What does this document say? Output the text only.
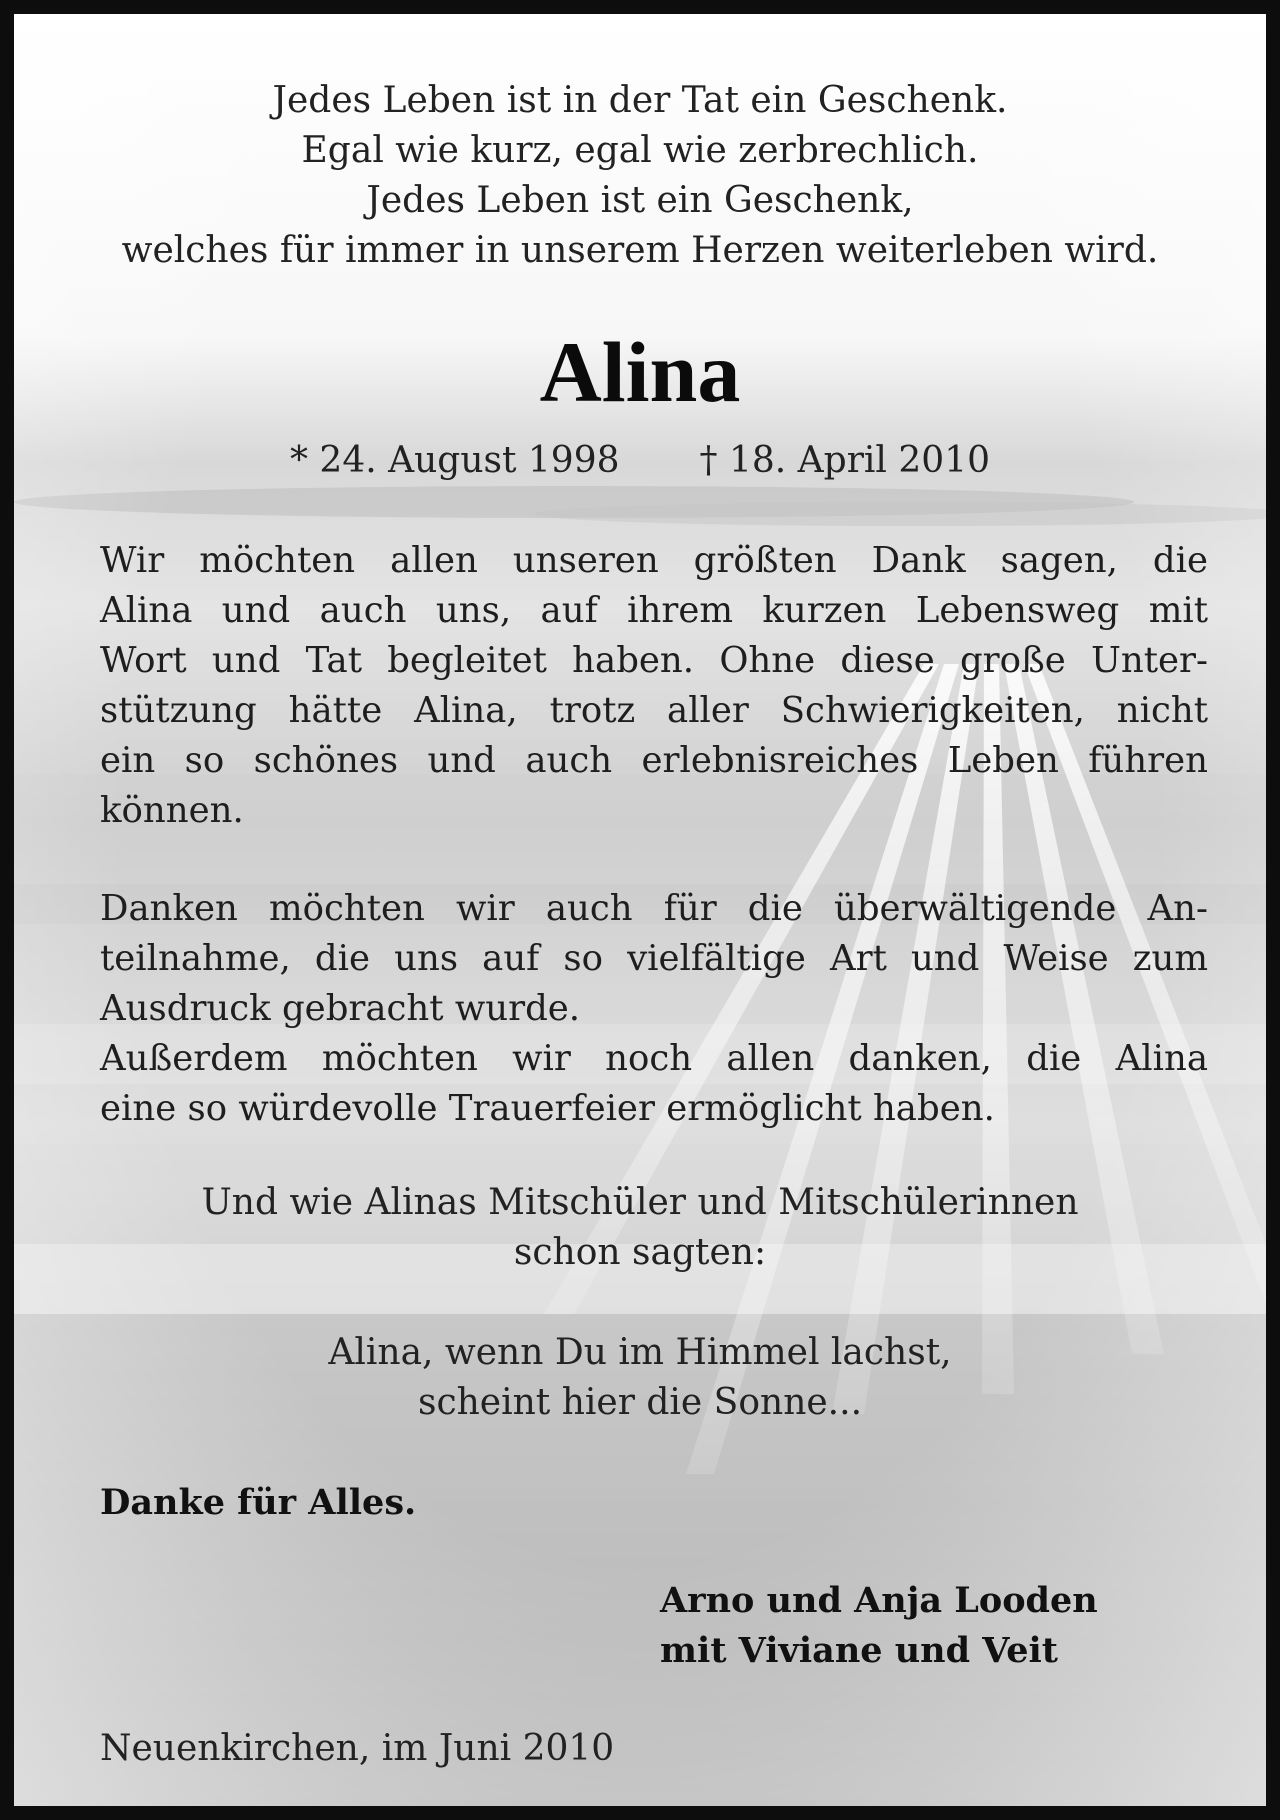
Jedes Leben ist in der Tat ein Geschenk.
Egal wie kurz, egal wie zerbrechlich.
Jedes Leben ist ein Geschenk,
welches für immer in unserem Herzen weiterleben wird.
Alina
* 24. August 1998 † 18. April 2010
Wir möchten allen unseren größten Dank sagen, die
Alina und auch uns, auf ihrem kurzen Lebensweg mit
Wort und Tat begleitet haben. Ohne diese große Unter-
stützung hätte Alina, trotz aller Schwierigkeiten, nicht
ein so schönes und auch erlebnisreiches Leben führen
können.
Danken möchten wir auch für die überwältigende An-
teilnahme, die uns auf so vielfältige Art und Weise zum
Ausdruck gebracht wurde.
Außerdem möchten wir noch allen danken, die Alina
eine so würdevolle Trauerfeier ermöglicht haben.
Und wie Alinas Mitschüler und Mitschülerinnen
schon sagten:
Alina, wenn Du im Himmel lachst,
scheint hier die Sonne...
Danke für Alles.
Arno und Anja Looden
mit Viviane und Veit
Neuenkirchen, im Juni 2010
